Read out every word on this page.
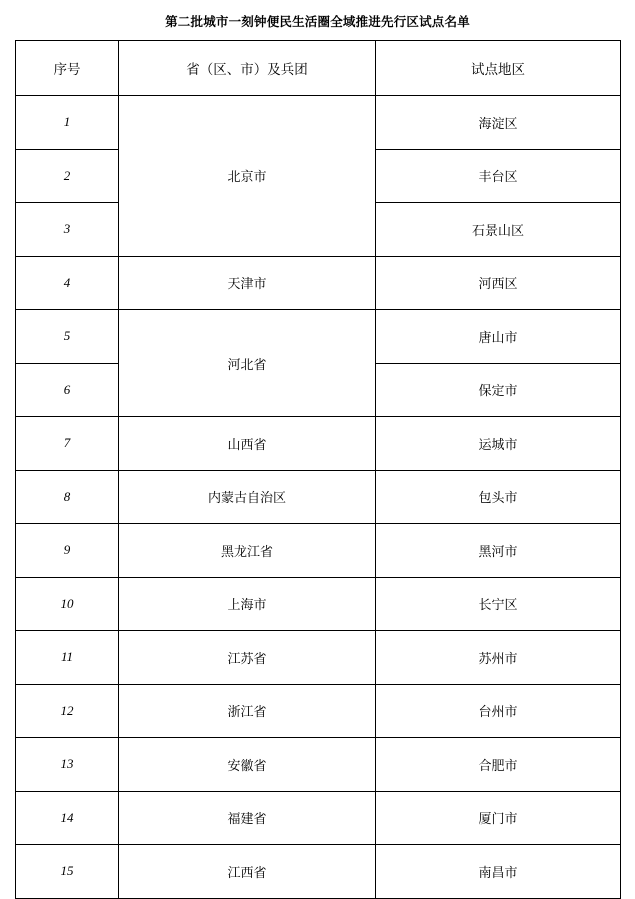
第二批城市一刻钟便民生活圈全域推进先行区试点名单
序号	省（区、市）及兵团	试点地区
1	北京市	海淀区
2		丰台区
3		石景山区
4	天津市	河西区
5	河北省	唐山市
6		保定市
7	山西省	运城市
8	内蒙古自治区	包头市
9	黑龙江省	黑河市
10	上海市	长宁区
11	江苏省	苏州市
12	浙江省	台州市
13	安徽省	合肥市
14	福建省	厦门市
15	江西省	南昌市
